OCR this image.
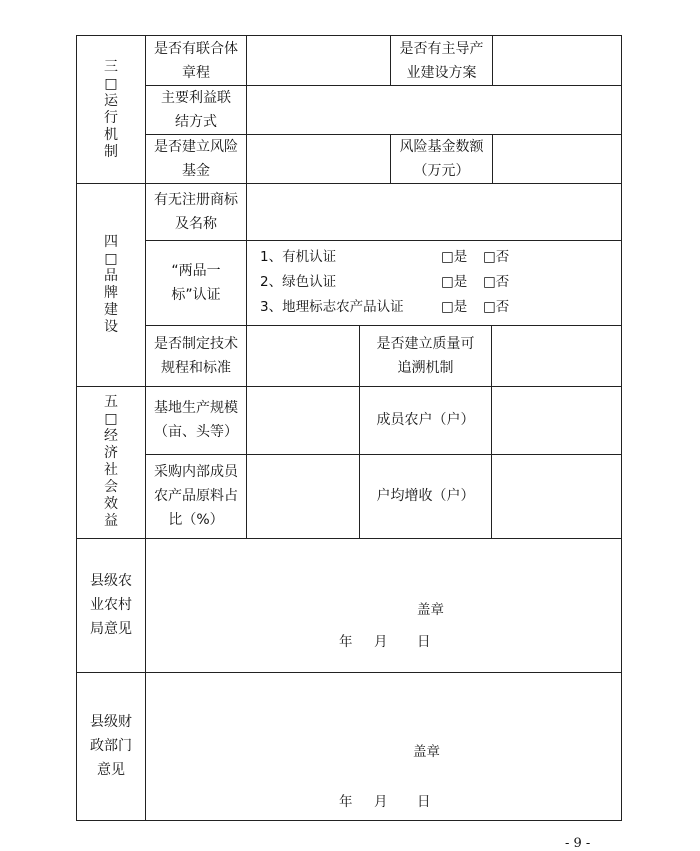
三
□
运
行
机
制
四
□
品
牌
建
设
五
□
经
济
社
会
效
益
是否有联合体章程
是否有主导产业建设方案
主要利益联结方式
是否建立风险基金
风险基金数额（万元）
有无注册商标及名称
“两品一标”认证
1、有机认证
2、绿色认证
3、地理标志农产品认证
□是 □否
□是 □否
□是 □否
是否制定技术规程和标准
是否建立质量可追溯机制
基地生产规模（亩、头等）
成员农户（户）
采购内部成员农产品原料占比（%）
户均增收（户）
县级农业农村局意见
盖章
年 月 日
县级财政部门意见
盖章
年 月 日
- 9 -
